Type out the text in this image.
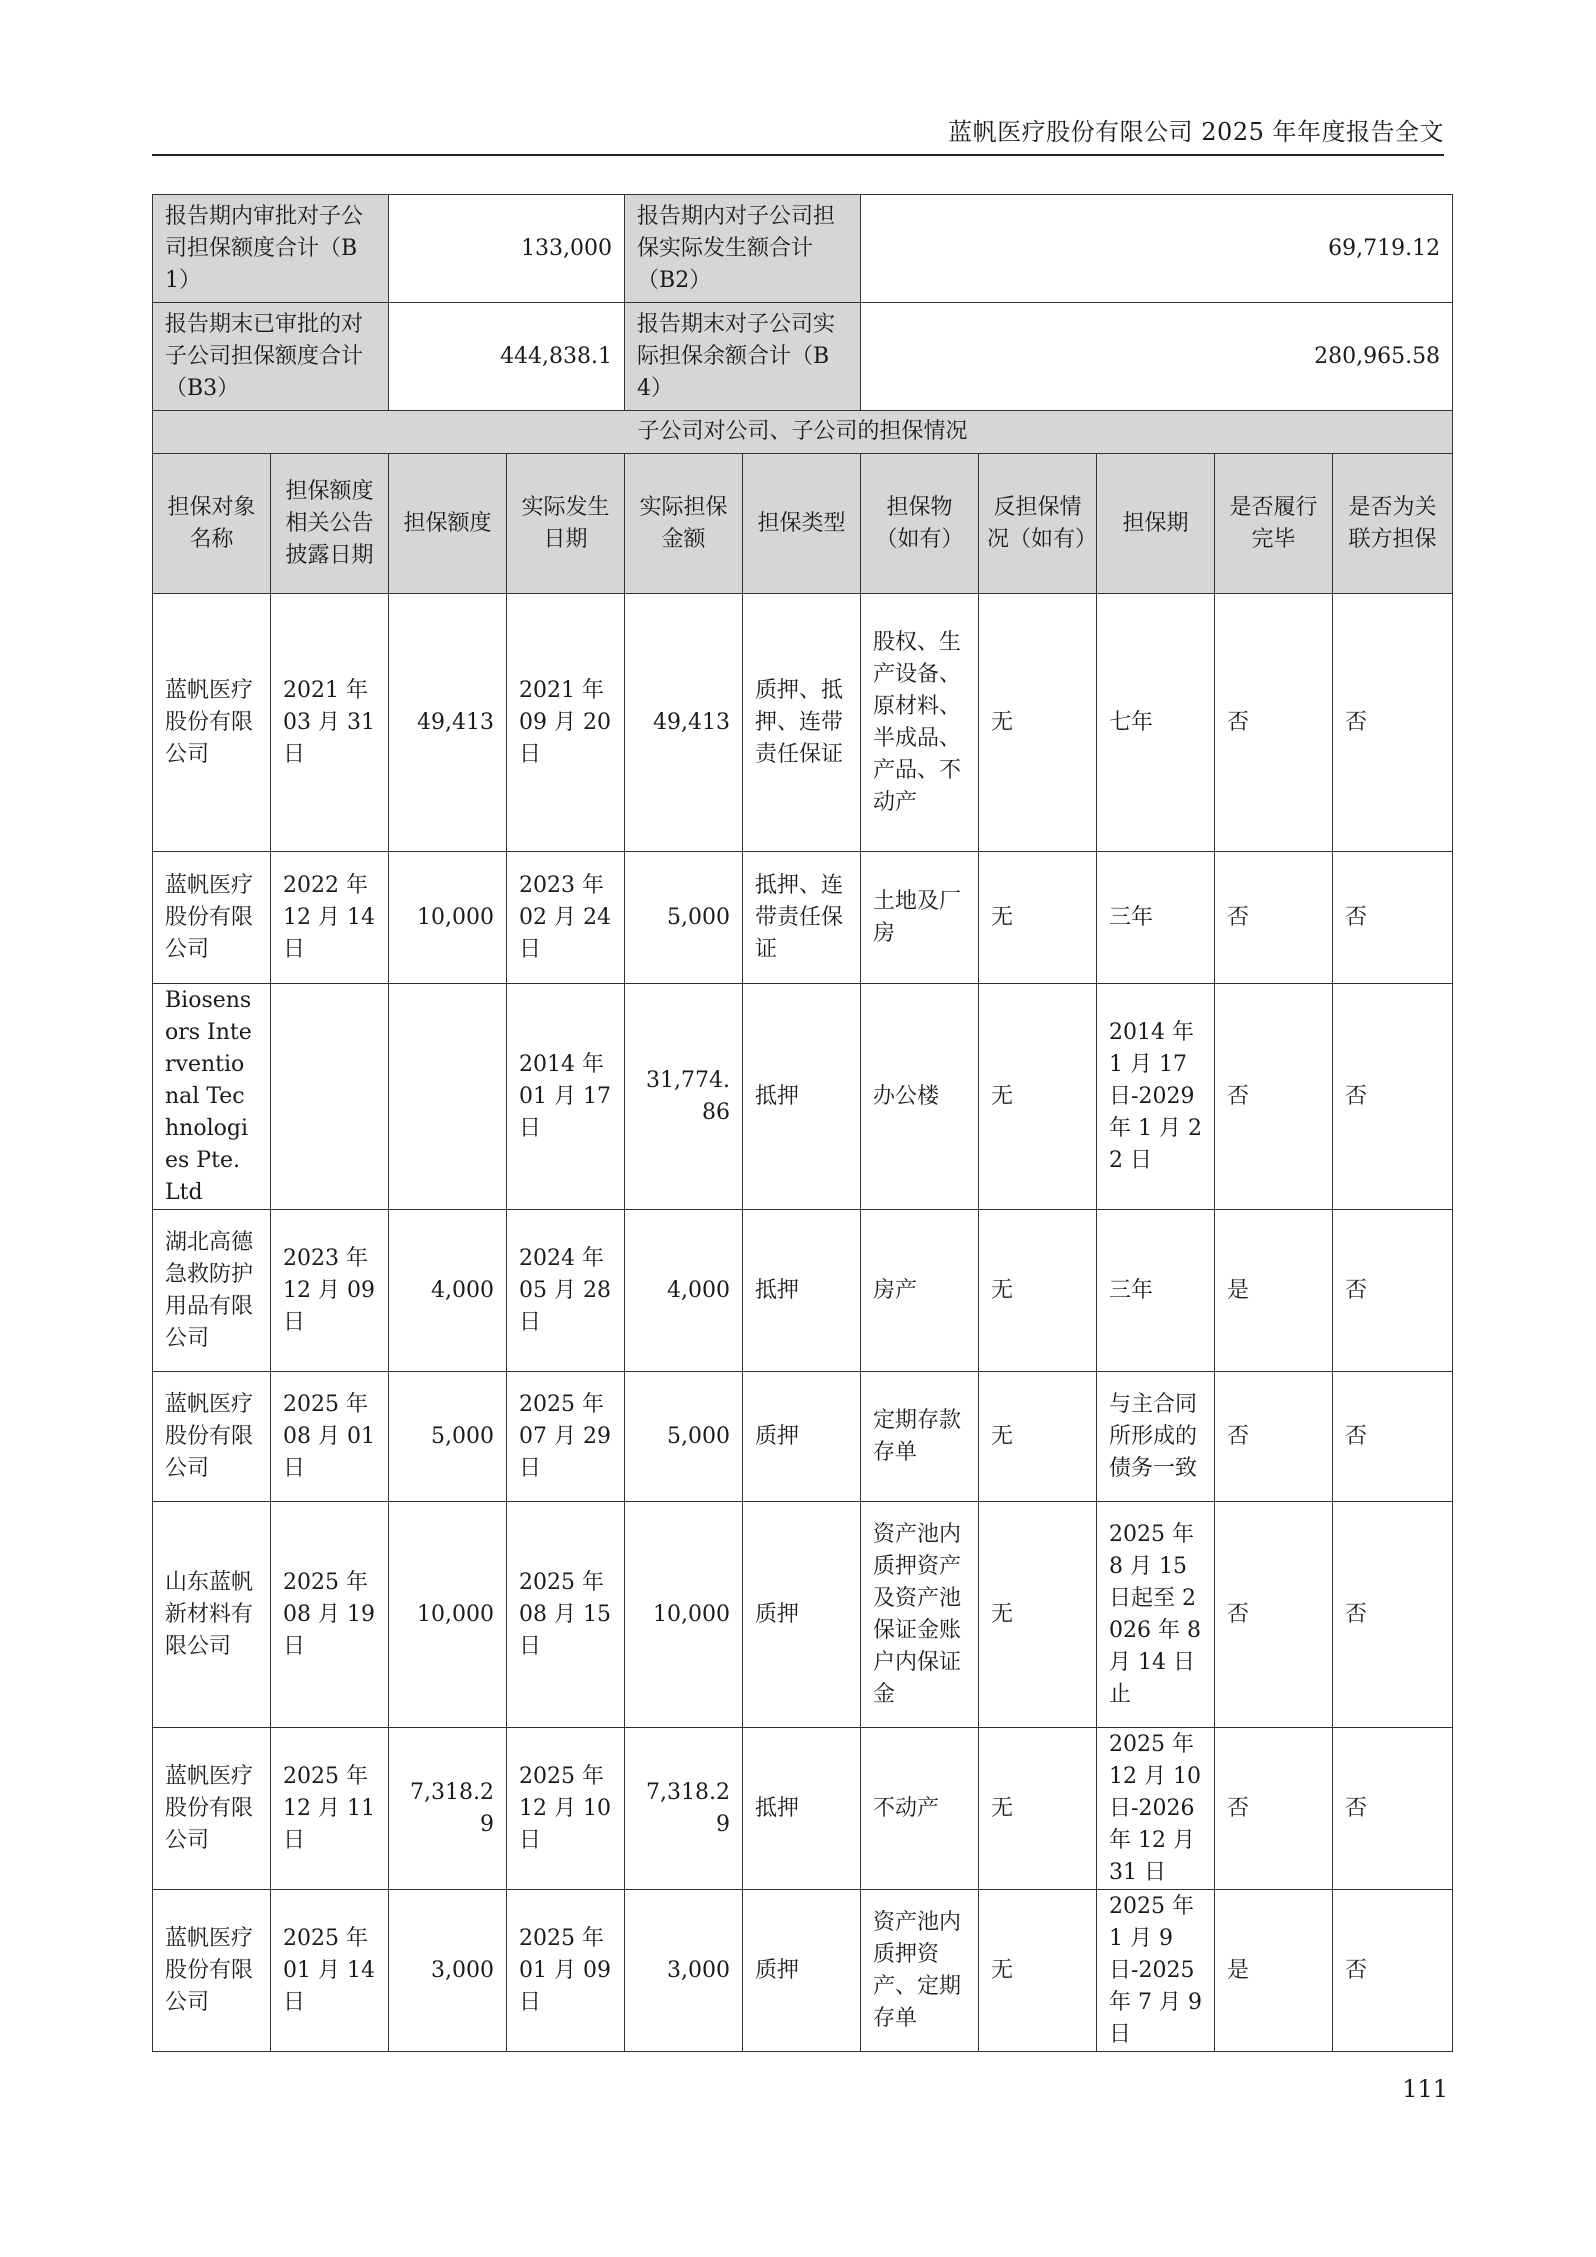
蓝帆医疗股份有限公司 2025 年年度报告全文
报告期内审批对子公司担保额度合计（B1）		133,000		报告期内对子公司担保实际发生额合计（B2）		69,719.12				
报告期末已审批的对子公司担保额度合计（B3）		444,838.1		报告期末对子公司实际担保余额合计（B4）		280,965.58				
子公司对公司、子公司的担保情况										
担保对象名称	担保额度相关公告披露日期	担保额度	实际发生日期	实际担保金额	担保类型	担保物（如有）	反担保情况（如有）	担保期	是否履行完毕	是否为关联方担保
蓝帆医疗股份有限公司	2021 年 03 月 31 日	49,413	2021 年 09 月 20 日	49,413	质押、抵押、连带责任保证	股权、生产设备、原材料、半成品、产品、不动产	无	七年	否	否
蓝帆医疗股份有限公司	2022 年 12 月 14 日	10,000	2023 年 02 月 24 日	5,000	抵押、连带责任保证	土地及厂房	无	三年	否	否
Biosensors Interventional Technologies Pte. Ltd			2014 年 01 月 17 日	31,774.86	抵押	办公楼	无	2014 年 1 月 17 日-2029 年 1 月 22 日	否	否
湖北高德急救防护用品有限公司	2023 年 12 月 09 日	4,000	2024 年 05 月 28 日	4,000	抵押	房产	无	三年	是	否
蓝帆医疗股份有限公司	2025 年 08 月 01 日	5,000	2025 年 07 月 29 日	5,000	质押	定期存款存单	无	与主合同所形成的债务一致	否	否
山东蓝帆新材料有限公司	2025 年 08 月 19 日	10,000	2025 年 08 月 15 日	10,000	质押	资产池内质押资产及资产池保证金账户内保证金	无	2025 年 8 月 15 日起至 2026 年 8 月 14 日止	否	否
蓝帆医疗股份有限公司	2025 年 12 月 11 日	7,318.29	2025 年 12 月 10 日	7,318.29	抵押	不动产	无	2025 年 12 月 10 日-2026 年 12 月 31 日	否	否
蓝帆医疗股份有限公司	2025 年 01 月 14 日	3,000	2025 年 01 月 09 日	3,000	质押	资产池内质押资产、定期存单	无	2025 年 1 月 9 日-2025 年 7 月 9 日	是	否
111
